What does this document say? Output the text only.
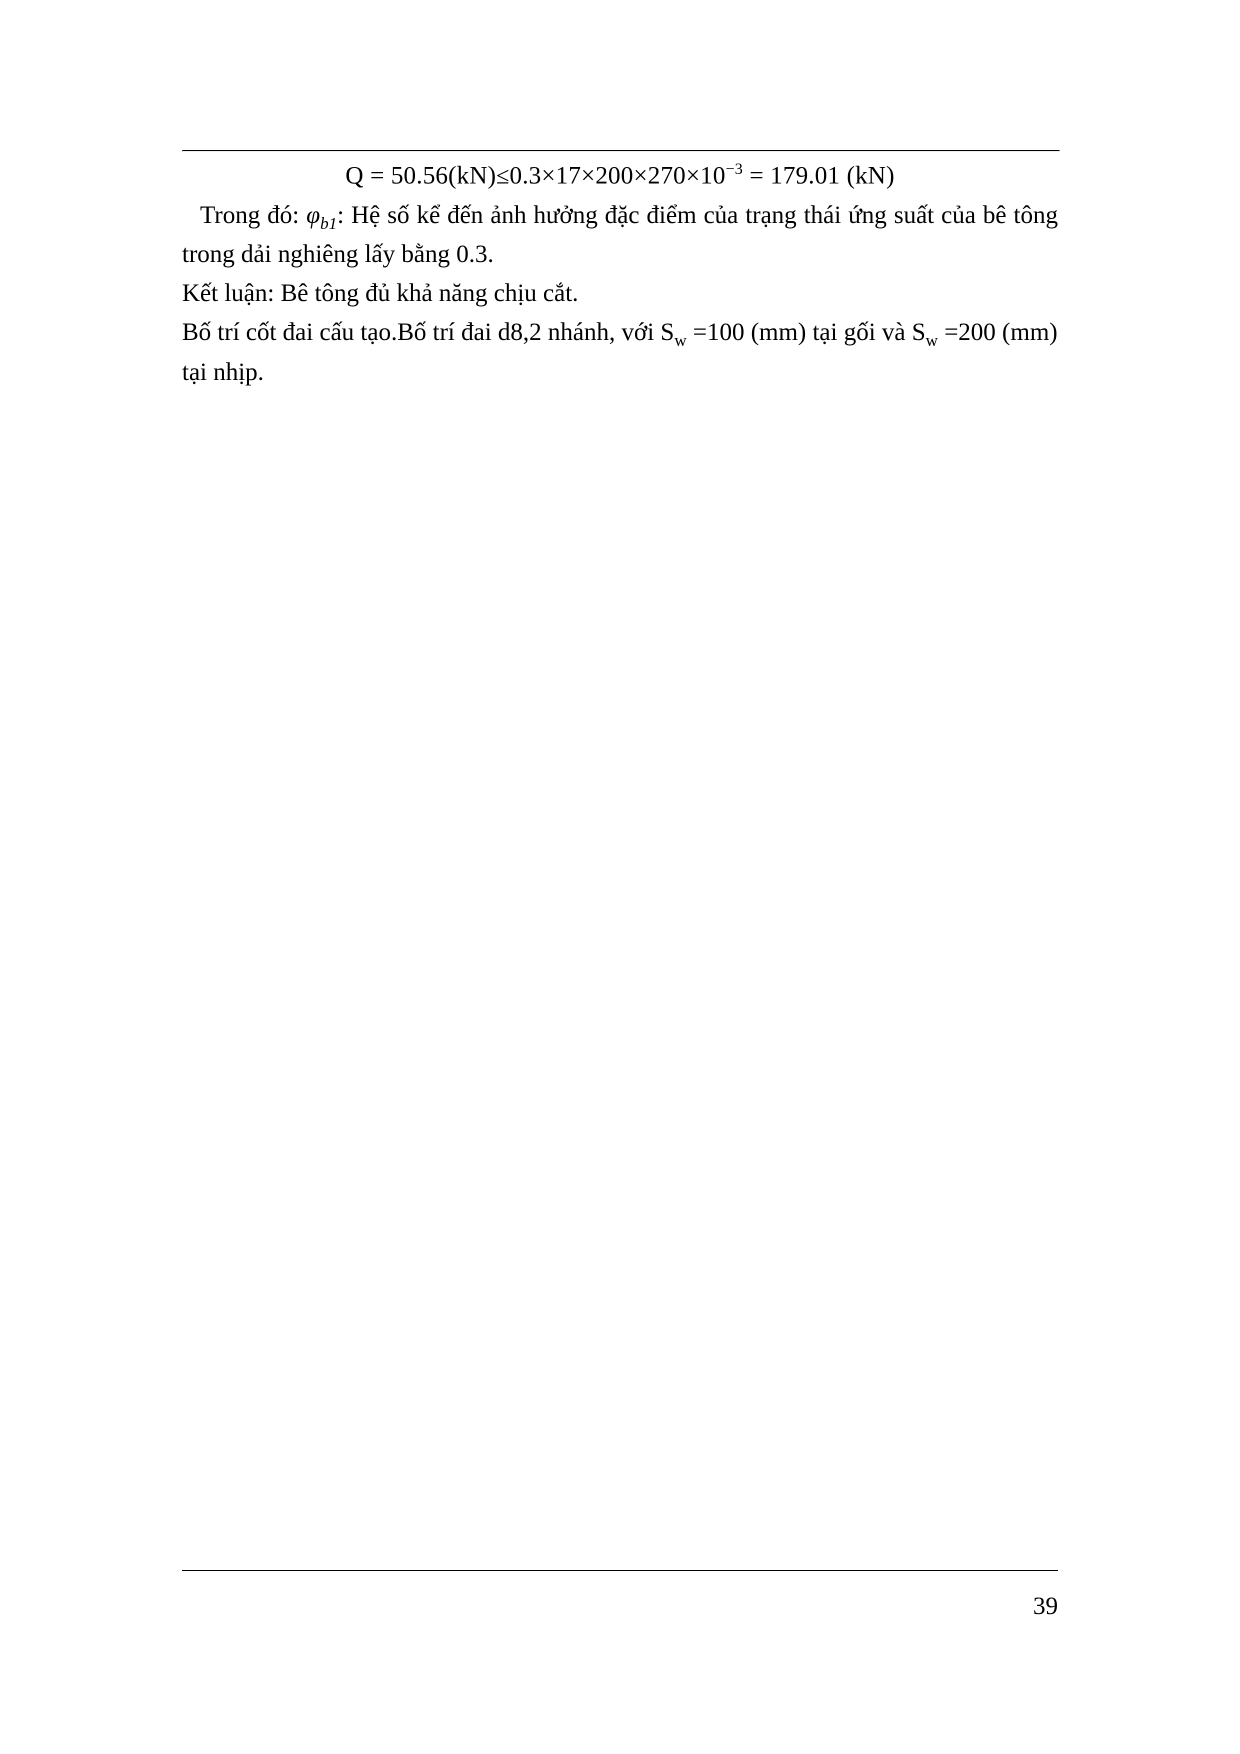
$Q = 50.56(kN)\le 0.3\times 17\times 200\times 270\times 10^{-3} = 179.01$ (kN)

Trong đó: $\varphi_{b1}$: Hệ số kể đến ảnh hưởng đặc điểm của trạng thái ứng suất của bê tông trong dải nghiêng lấy bằng 0.3.

Kết luận: Bê tông đủ khả năng chịu cắt.

Bố trí cốt đai cấu tạo.Bố trí đai d8,2 nhánh, với $S_w =100$ (mm) tại gối và $S_w =200$ (mm) tại nhịp.

39
